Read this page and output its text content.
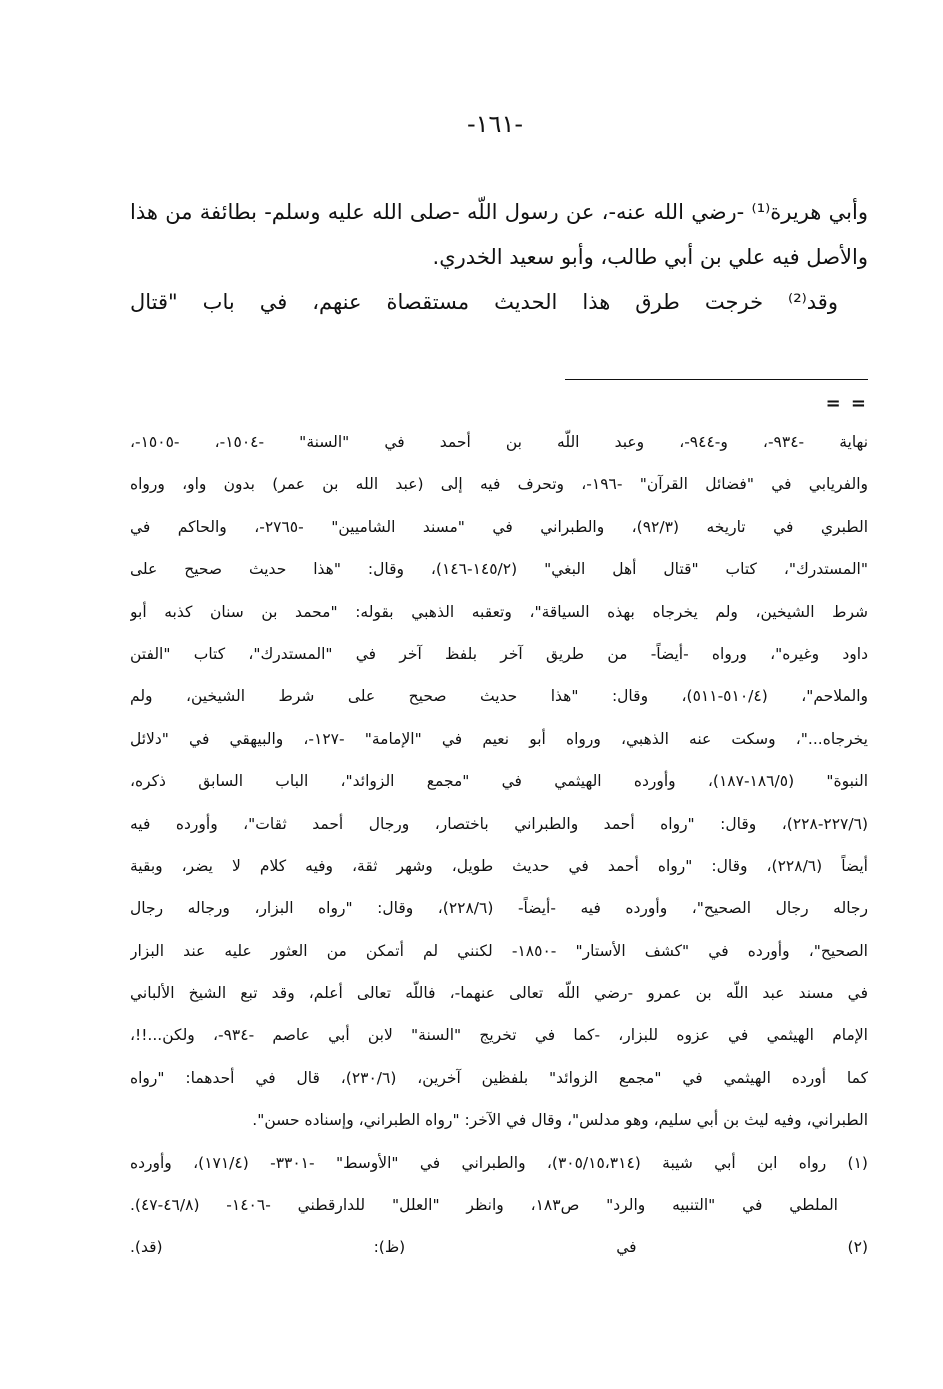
-١٦١-
وأبي هريرة⁽¹⁾ -رضي الله عنه-، عن رسول اللّه -صلى الله عليه وسلم- بطائفة من هذا
والأصل فيه علي بن أبي طالب، وأبو سعيد الخدري.
وقد⁽²⁾ خرجت طرق هذا الحديث مستقصاة عنهم، في باب "قتال
= =
نهاية -٩٣٤-، و-٩٤٤-، وعبد اللّه بن أحمد في "السنة" -١٥٠٤-، -١٥٠٥-،
والفريابي في "فضائل القرآن" -١٩٦-، وتحرف فيه إلى (عبد الله بن عمر) بدون واو، ورواه
الطبري في تاريخه (٩٢/٣)، والطبراني في "مسند الشاميين" -٢٧٦٥-، والحاكم في
"المستدرك"، كتاب "قتال أهل البغي" (١٤٥/٢-١٤٦)، وقال: "هذا حديث صحيح على
شرط الشيخين، ولم يخرجاه بهذه السياقة"، وتعقبه الذهبي بقوله: "محمد بن سنان كذبه أبو
داود وغيره"، ورواه -أيضاً- من طريق آخر بلفظ آخر في "المستدرك"، كتاب "الفتن
والملاحم"، (٥١٠/٤-٥١١)، وقال: "هذا حديث صحيح على شرط الشيخين، ولم
يخرجاه..."، وسكت عنه الذهبي، ورواه أبو نعيم في "الإمامة" -١٢٧-، والبيهقي في "دلائل
النبوة" (١٨٦/٥-١٨٧)، وأورده الهيثمي في "مجمع الزوائد"، الباب السابق ذكره،
(٢٢٧/٦-٢٢٨)، وقال: "رواه أحمد والطبراني باختصار، ورجال أحمد ثقات"، وأورده فيه
أيضاً (٢٢٨/٦)، وقال: "رواه أحمد في حديث طويل، وشهر ثقة، وفيه كلام لا يضر، وبقية
رجاله رجال الصحيح"، وأورده فيه -أيضاً- (٢٢٨/٦)، وقال: "رواه البزار، ورجاله رجال
الصحيح"، وأورده في "كشف الأستار" -١٨٥٠- لكنني لم أتمكن من العثور عليه عند البزار
في مسند عبد اللّه بن عمرو -رضي اللّه تعالى عنهما-، فاللّه تعالى أعلم، وقد تبع الشيخ الألباني
الإمام الهيثمي في عزوه للبزار، -كما في تخريج "السنة" لابن أبي عاصم -٩٣٤-، ولكن...!!،
كما أورده الهيثمي في "مجمع الزوائد" بلفظين آخرين، (٢٣٠/٦)، قال في أحدهما: "رواه
الطبراني، وفيه ليث بن أبي سليم، وهو مدلس"، وقال في الآخر: "رواه الطبراني، وإسناده حسن".
(١) رواه ابن أبي شيبة (٣٠٥/١٥،٣١٤)، والطبراني في "الأوسط" -٣٣٠١- (١٧١/٤)، وأورده
الملطي في "التنبيه والرد" ص١٨٣، وانظر "العلل" للدارقطني -١٤٠٦- (٤٦/٨-٤٧).
(٢) في (ظ): (قد).
